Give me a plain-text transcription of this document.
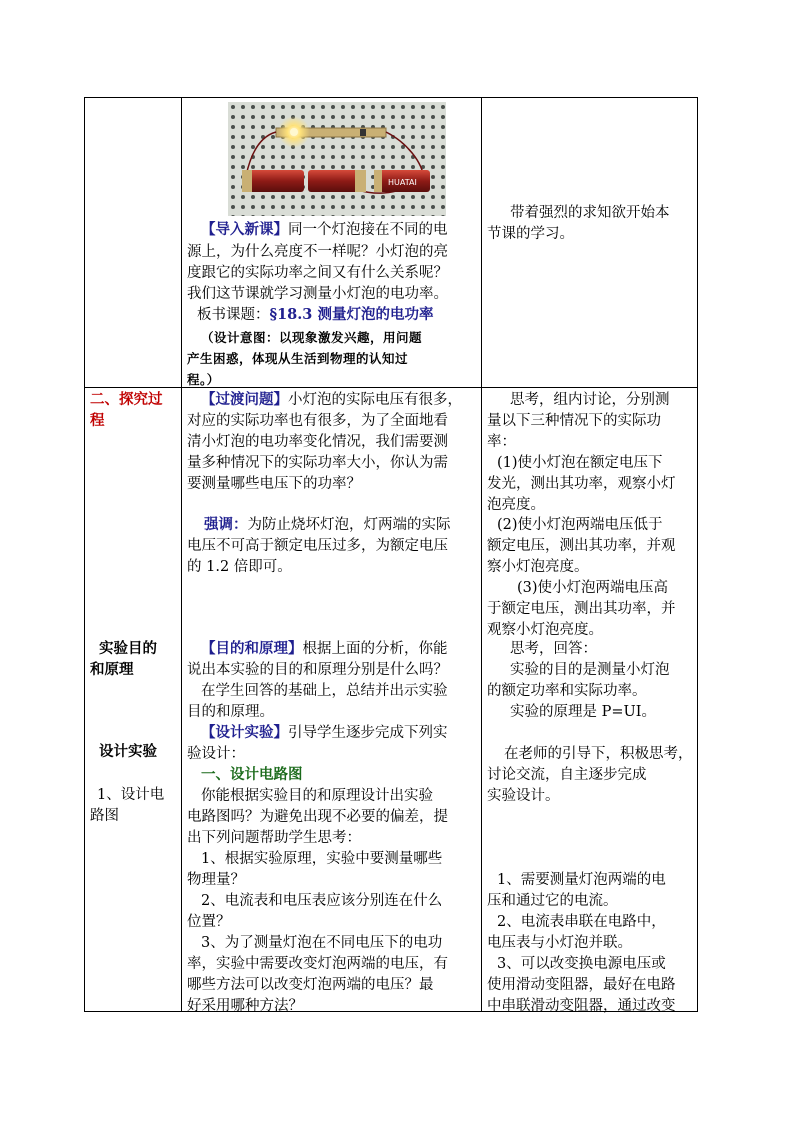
HUATAI
二、探究过
程
实验目的
和原理
设计实验
1、设计电
路图
【导入新课】同一个灯泡接在不同的电
源上，为什么亮度不一样呢？小灯泡的亮
度跟它的实际功率之间又有什么关系呢？
我们这节课就学习测量小灯泡的电功率。
板书课题：§18.3 测量灯泡的电功率
（设计意图：以现象激发兴趣，用问题
产生困惑，体现从生活到物理的认知过
程。）
带着强烈的求知欲开始本
节课的学习。
【过渡问题】小灯泡的实际电压有很多，
对应的实际功率也有很多，为了全面地看
清小灯泡的电功率变化情况，我们需要测
量多种情况下的实际功率大小，你认为需
要测量哪些电压下的功率？
强调：为防止烧坏灯泡，灯两端的实际
电压不可高于额定电压过多，为额定电压
的 1.2 倍即可。
【目的和原理】根据上面的分析，你能
说出本实验的目的和原理分别是什么吗？
在学生回答的基础上，总结并出示实验
目的和原理。
【设计实验】引导学生逐步完成下列实
验设计：
一、设计电路图
你能根据实验目的和原理设计出实验
电路图吗？为避免出现不必要的偏差，提
出下列问题帮助学生思考：
1、根据实验原理，实验中要测量哪些
物理量？
2、电流表和电压表应该分别连在什么
位置？
3、为了测量灯泡在不同电压下的电功
率，实验中需要改变灯泡两端的电压，有
哪些方法可以改变灯泡两端的电压？最
好采用哪种方法？
思考，组内讨论，分别测
量以下三种情况下的实际功
率：
(1)使小灯泡在额定电压下
发光，测出其功率，观察小灯
泡亮度。
(2)使小灯泡两端电压低于
额定电压，测出其功率，并观
察小灯泡亮度。
(3)使小灯泡两端电压高
于额定电压，测出其功率，并
观察小灯泡亮度。
思考，回答：
实验的目的是测量小灯泡
的额定功率和实际功率。
实验的原理是 P=UI。
在老师的引导下，积极思考，
讨论交流，自主逐步完成
实验设计。
1、需要测量灯泡两端的电
压和通过它的电流。
2、电流表串联在电路中，
电压表与小灯泡并联。
3、可以改变换电源电压或
使用滑动变阻器，最好在电路
中串联滑动变阻器，通过改变
